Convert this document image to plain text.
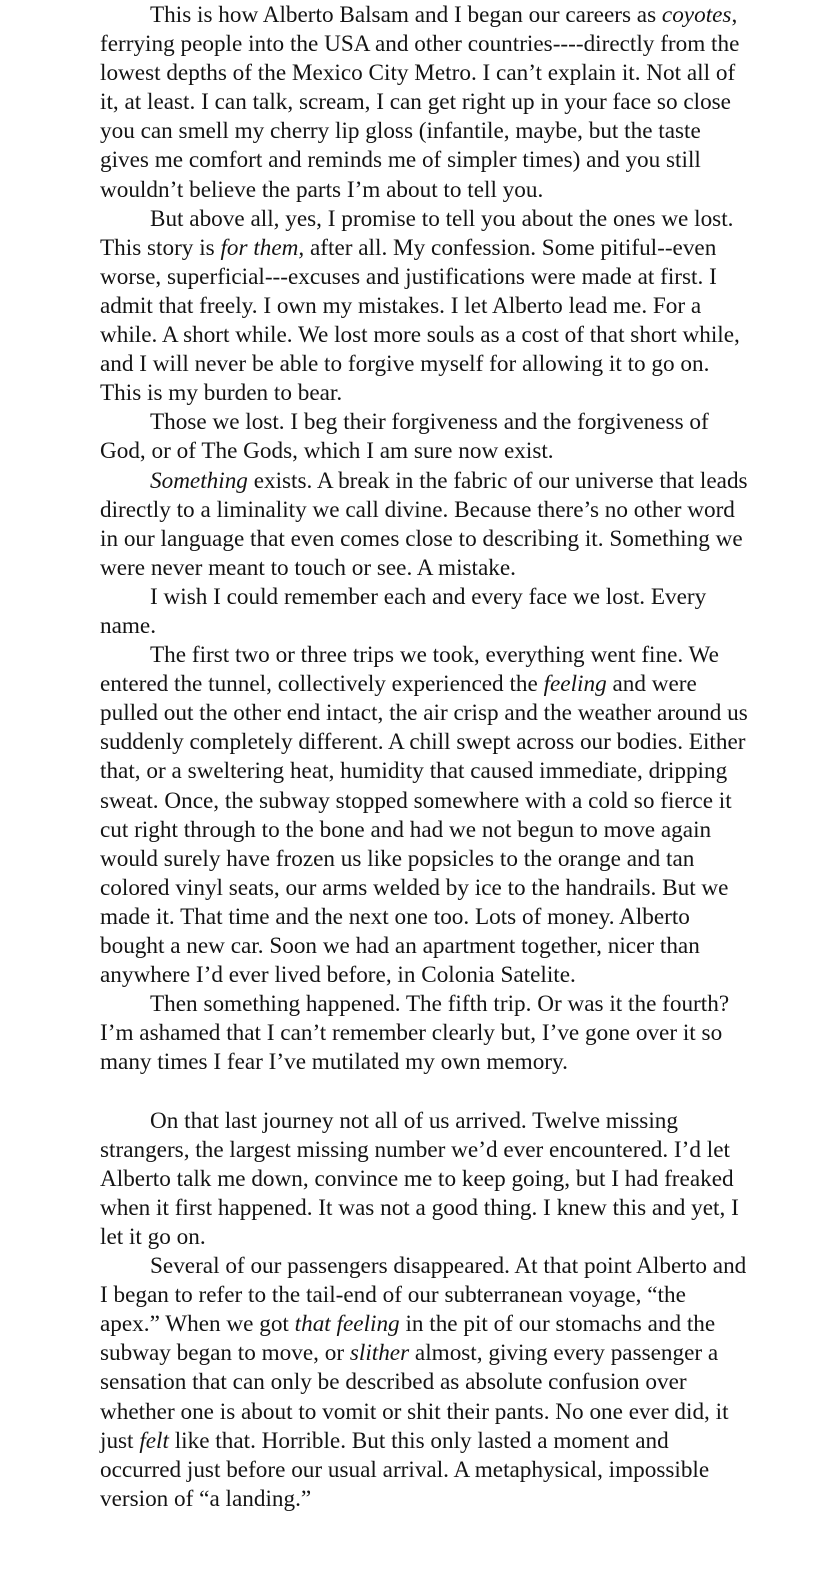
This is how Alberto Balsam and I began our careers as coyotes, ferrying people into the USA and other countries----directly from the lowest depths of the Mexico City Metro. I can’t explain it. Not all of it, at least. I can talk, scream, I can get right up in your face so close you can smell my cherry lip gloss (infantile, maybe, but the taste gives me comfort and reminds me of simpler times) and you still wouldn’t believe the parts I’m about to tell you.

But above all, yes, I promise to tell you about the ones we lost. This story is for them, after all. My confession. Some pitiful--even worse, superficial---excuses and justifications were made at first. I admit that freely. I own my mistakes. I let Alberto lead me. For a while. A short while. We lost more souls as a cost of that short while, and I will never be able to forgive myself for allowing it to go on. This is my burden to bear.

Those we lost. I beg their forgiveness and the forgiveness of God, or of The Gods, which I am sure now exist.

Something exists. A break in the fabric of our universe that leads directly to a liminality we call divine. Because there’s no other word in our language that even comes close to describing it. Something we were never meant to touch or see. A mistake.

I wish I could remember each and every face we lost. Every name.

The first two or three trips we took, everything went fine. We entered the tunnel, collectively experienced the feeling and were pulled out the other end intact, the air crisp and the weather around us suddenly completely different. A chill swept across our bodies. Either that, or a sweltering heat, humidity that caused immediate, dripping sweat. Once, the subway stopped somewhere with a cold so fierce it cut right through to the bone and had we not begun to move again would surely have frozen us like popsicles to the orange and tan colored vinyl seats, our arms welded by ice to the handrails. But we made it. That time and the next one too. Lots of money. Alberto bought a new car. Soon we had an apartment together, nicer than anywhere I’d ever lived before, in Colonia Satelite.

Then something happened. The fifth trip. Or was it the fourth? I’m ashamed that I can’t remember clearly but, I’ve gone over it so many times I fear I’ve mutilated my own memory.

On that last journey not all of us arrived. Twelve missing strangers, the largest missing number we’d ever encountered. I’d let Alberto talk me down, convince me to keep going, but I had freaked when it first happened. It was not a good thing. I knew this and yet, I let it go on.

Several of our passengers disappeared. At that point Alberto and I began to refer to the tail-end of our subterranean voyage, “the apex.” When we got that feeling in the pit of our stomachs and the subway began to move, or slither almost, giving every passenger a sensation that can only be described as absolute confusion over whether one is about to vomit or shit their pants. No one ever did, it just felt like that. Horrible. But this only lasted a moment and occurred just before our usual arrival. A metaphysical, impossible version of “a landing.”
